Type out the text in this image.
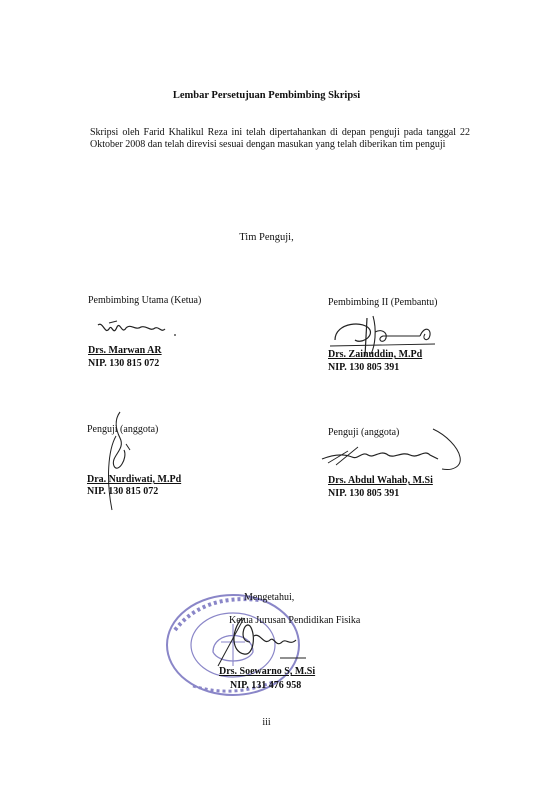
Lembar Persetujuan Pembimbing Skripsi
Skripsi oleh Farid Khalikul Reza ini telah dipertahankan di depan penguji pada tanggal 22 Oktober 2008 dan telah direvisi sesuai dengan masukan yang telah diberikan tim penguji
Tim Penguji,
Pembimbing Utama (Ketua)
Drs. Marwan AR
NIP. 130 815 072
Pembimbing II (Pembantu)
Drs. Zainuddin, M.Pd
NIP. 130 805 391
Penguji (anggota)
Dra. Nurdiwati, M.Pd
NIP. 130 815 072
Penguji (anggota)
Drs. Abdul Wahab, M.Si
NIP. 130 805 391
Mengetahui,
Ketua Jurusan Pendidikan Fisika
Drs. Soewarno S, M.Si
NIP. 131 476 958
iii
